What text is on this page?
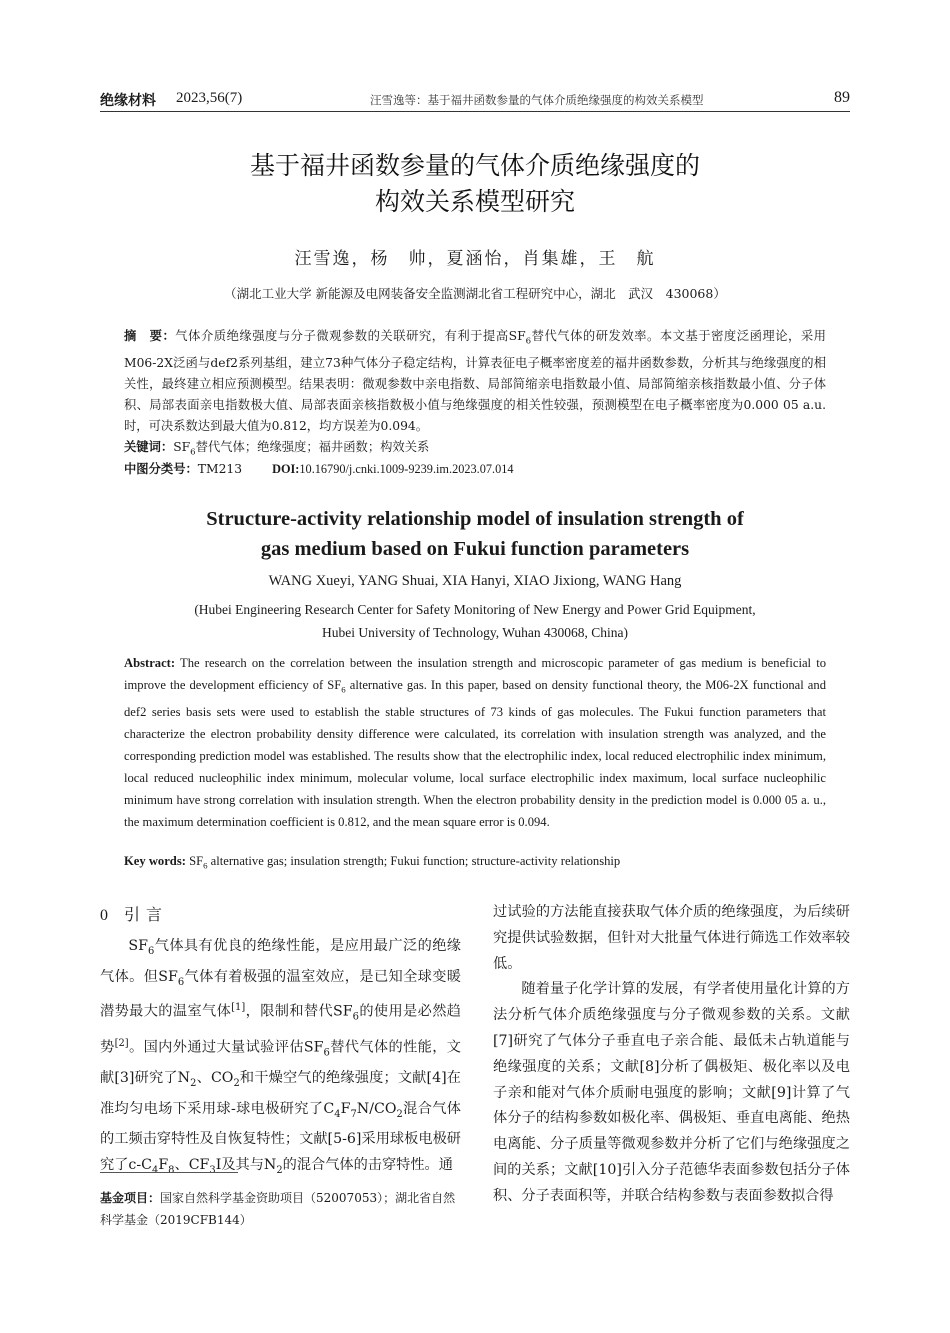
绝缘材料 2023,56(7)	汪雪逸等：基于福井函数参量的气体介质绝缘强度的构效关系模型	89
基于福井函数参量的气体介质绝缘强度的
构效关系模型研究
汪雪逸，杨　帅，夏涵怡，肖集雄，王　航
（湖北工业大学 新能源及电网装备安全监测湖北省工程研究中心，湖北　武汉　430068）
摘　要：气体介质绝缘强度与分子微观参数的关联研究，有利于提高$SF_6$替代气体的研发效率。本文基于密度泛函理论，采用M06-2X泛函与def2系列基组，建立73种气体分子稳定结构，计算表征电子概率密度差的福井函数参数，分析其与绝缘强度的相关性，最终建立相应预测模型。结果表明：微观参数中亲电指数、局部简缩亲电指数最小值、局部简缩亲核指数最小值、分子体积、局部表面亲电指数极大值、局部表面亲核指数极小值与绝缘强度的相关性较强，预测模型在电子概率密度为0.000 05 a.u.时，可决系数达到最大值为0.812，均方误差为0.094。
关键词：$SF_6$替代气体；绝缘强度；福井函数；构效关系
中图分类号：TM213 DOI:10.16790/j.cnki.1009-9239.im.2023.07.014
Structure-activity relationship model of insulation strength of
gas medium based on Fukui function parameters
WANG Xueyi, YANG Shuai, XIA Hanyi, XIAO Jixiong, WANG Hang
(Hubei Engineering Research Center for Safety Monitoring of New Energy and Power Grid Equipment,
Hubei University of Technology, Wuhan 430068, China)
Abstract: The research on the correlation between the insulation strength and microscopic parameter of gas medium is beneficial to improve the development efficiency of $SF_6$ alternative gas. In this paper, based on density functional theory, the M06-2X functional and def2 series basis sets were used to establish the stable structures of 73 kinds of gas molecules. The Fukui function parameters that characterize the electron probability density difference were calculated, its correlation with insulation strength was analyzed, and the corresponding prediction model was established. The results show that the electrophilic index, local reduced electrophilic index minimum, local reduced nucleophilic index minimum, molecular volume, local surface electrophilic index maximum, local surface nucleophilic minimum have strong correlation with insulation strength. When the electron probability density in the prediction model is 0.000 05 a. u., the maximum determination coefficient is 0.812, and the mean square error is 0.094.
Key words: $SF_6$ alternative gas; insulation strength; Fukui function; structure-activity relationship
0 引言

$SF_6$气体具有优良的绝缘性能，是应用最广泛的绝缘气体。但$SF_6$气体有着极强的温室效应，是已知全球变暖潜势最大的温室气体[1]，限制和替代$SF_6$的使用是必然趋势[2]。国内外通过大量试验评估$SF_6$替代气体的性能，文献[3]研究了$N_2$、$CO_2$和干燥空气的绝缘强度；文献[4]在准均匀电场下采用球-球电极研究了$C_4F_7N/CO_2$混合气体的工频击穿特性及自恢复特性；文献[5-6]采用球板电极研究了$c-C_4F_8$、$CF_3I$及其与$N_2$的混合气体的击穿特性。通

基金项目：国家自然科学基金资助项目（52007053）；湖北省自然科学基金（2019CFB144）

过试验的方法能直接获取气体介质的绝缘强度，为后续研究提供试验数据，但针对大批量气体进行筛选工作效率较低。

随着量子化学计算的发展，有学者使用量化计算的方法分析气体介质绝缘强度与分子微观参数的关系。文献[7]研究了气体分子垂直电子亲合能、最低未占轨道能与绝缘强度的关系；文献[8]分析了偶极矩、极化率以及电子亲和能对气体介质耐电强度的影响；文献[9]计算了气体分子的结构参数如极化率、偶极矩、垂直电离能、绝热电离能、分子质量等微观参数并分析了它们与绝缘强度之间的关系；文献[10]引入分子范德华表面参数包括分子体积、分子表面积等，并联合结构参数与表面参数拟合得
